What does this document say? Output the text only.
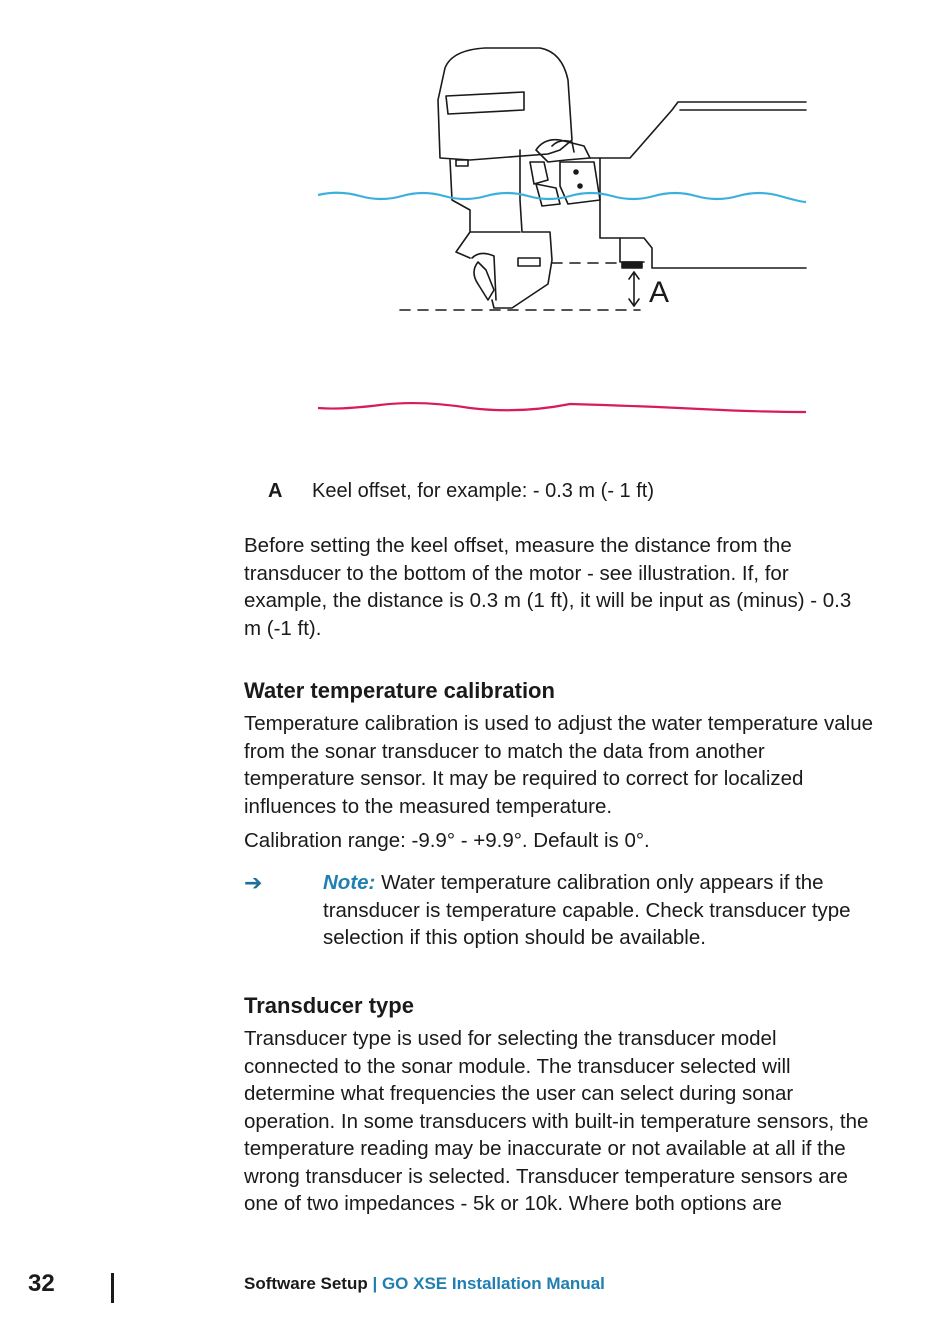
A
A	Keel offset, for example: - 0.3 m (- 1 ft)

Before setting the keel offset, measure the distance from the transducer to the bottom of the motor - see illustration. If, for example, the distance is 0.3 m (1 ft), it will be input as (minus) - 0.3 m (-1 ft).

Water temperature calibration

Temperature calibration is used to adjust the water temperature value from the sonar transducer to match the data from another temperature sensor. It may be required to correct for localized influences to the measured temperature.

Calibration range: -9.9° - +9.9°. Default is 0°.

➔	Note: Water temperature calibration only appears if the transducer is temperature capable. Check transducer type selection if this option should be available.
Transducer type

Transducer type is used for selecting the transducer model connected to the sonar module. The transducer selected will determine what frequencies the user can select during sonar operation. In some transducers with built-in temperature sensors, the temperature reading may be inaccurate or not available at all if the wrong transducer is selected. Transducer temperature sensors are one of two impedances - 5k or 10k. Where both options are

32	Software Setup | GO XSE Installation Manual
